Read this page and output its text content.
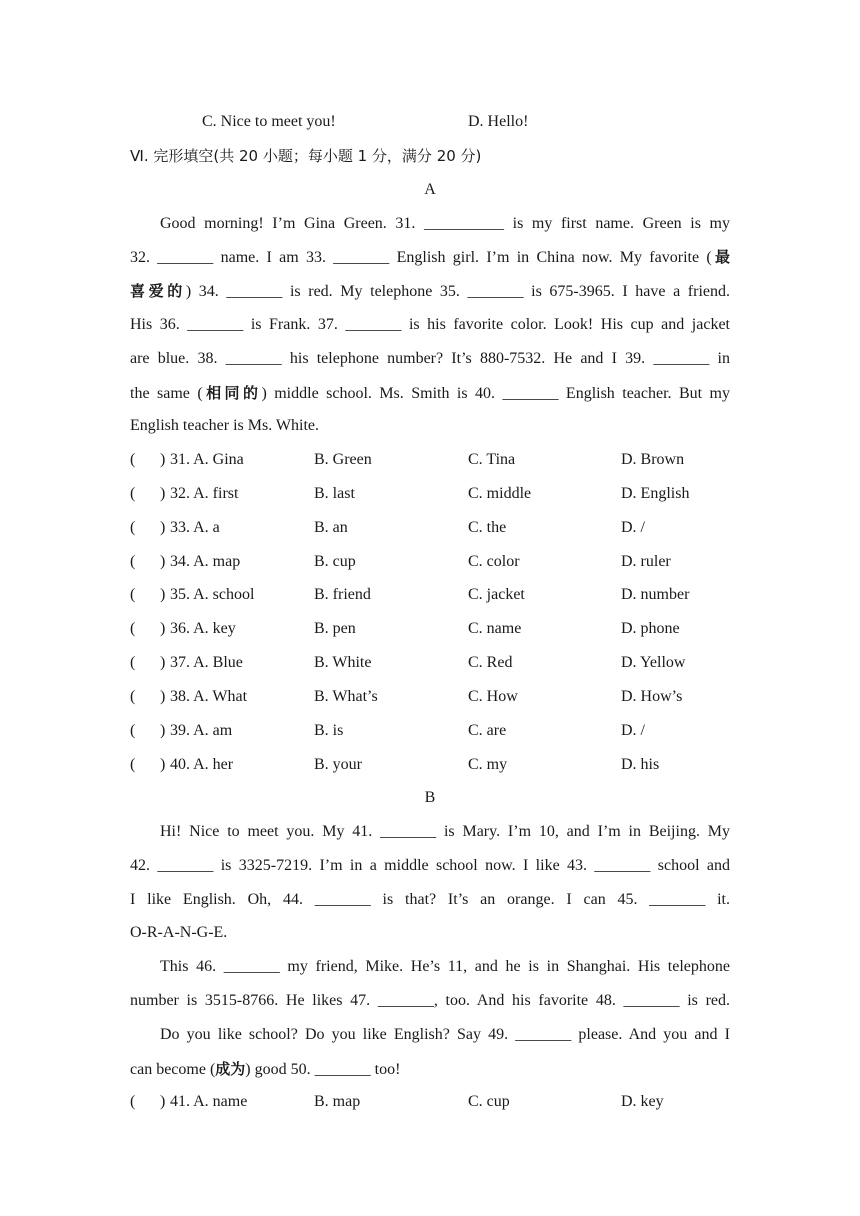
C. Nice to meet you!	D. Hello!
Ⅵ. 完形填空(共 20 小题；每小题 1 分，满分 20 分)
A
Good morning! I’m Gina Green. 31. __________ is my first name. Green is my
32. _______ name. I am 33. _______ English girl. I’m in China now. My favorite (最
喜爱的) 34. _______ is red. My telephone 35. _______ is 675-3965. I have a friend.
His 36. _______ is Frank. 37. _______ is his favorite color. Look! His cup and jacket
are blue. 38. _______ his telephone number? It’s 880-7532. He and I 39. _______ in
the same (相同的) middle school. Ms. Smith is 40. _______ English teacher. But my
English teacher is Ms. White.
( ) 31. A. Gina	B. Green	C. Tina	D. Brown
( ) 32. A. first	B. last	C. middle	D. English
( ) 33. A. a	B. an	C. the	D. /
( ) 34. A. map	B. cup	C. color	D. ruler
( ) 35. A. school	B. friend	C. jacket	D. number
( ) 36. A. key	B. pen	C. name	D. phone
( ) 37. A. Blue	B. White	C. Red	D. Yellow
( ) 38. A. What	B. What’s	C. How	D. How’s
( ) 39. A. am	B. is	C. are	D. /
( ) 40. A. her	B. your	C. my	D. his
B
Hi! Nice to meet you. My 41. _______ is Mary. I’m 10, and I’m in Beijing. My
42. _______ is 3325-7219. I’m in a middle school now. I like 43. _______ school and
I like English. Oh, 44. _______ is that? It’s an orange. I can 45. _______ it.
O-R-A-N-G-E.
This 46. _______ my friend, Mike. He’s 11, and he is in Shanghai. His telephone
number is 3515-8766. He likes 47. _______, too. And his favorite 48. _______ is red.
Do you like school? Do you like English? Say 49. _______ please. And you and I
can become (成为) good 50. _______ too!
( ) 41. A. name	B. map	C. cup	D. key
